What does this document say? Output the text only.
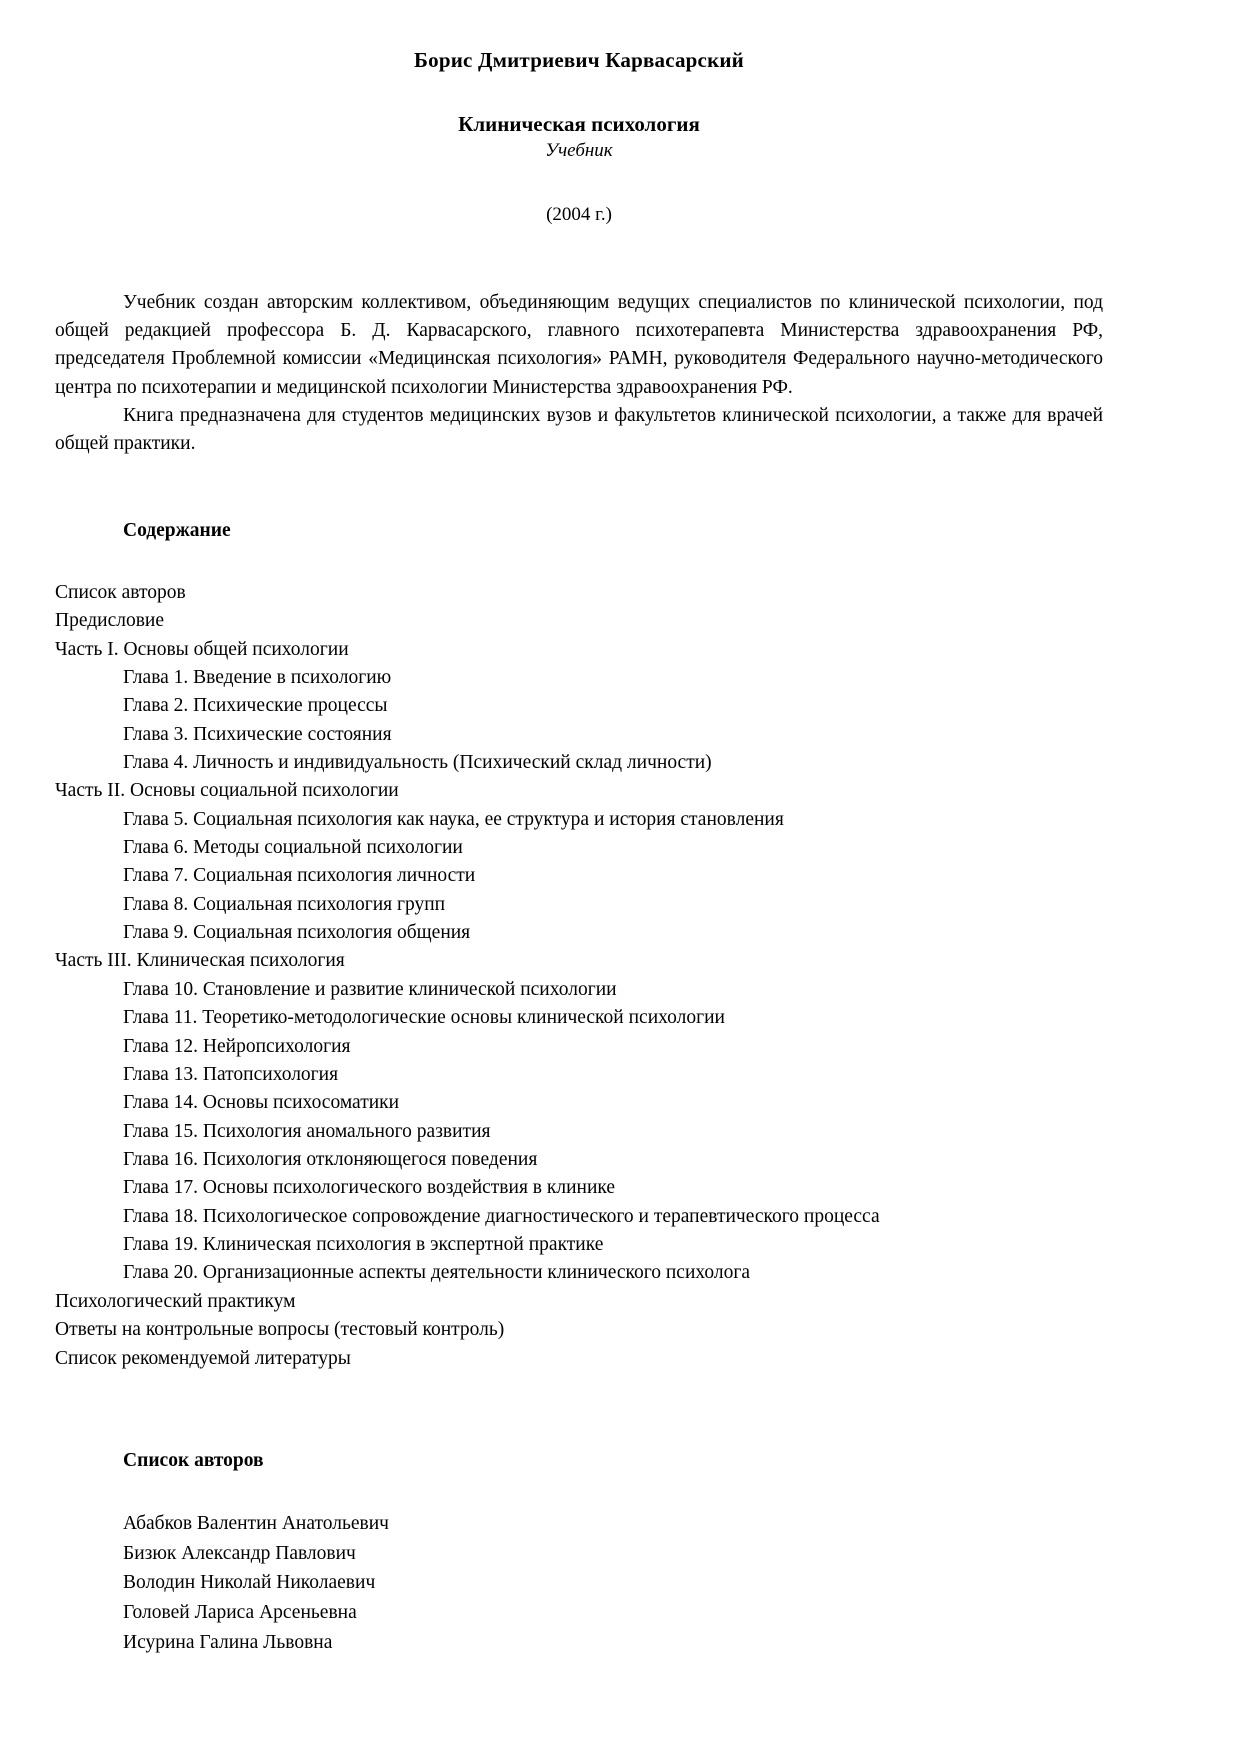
Борис Дмитриевич Карвасарский
Клиническая психология
Учебник
(2004 г.)

Учебник создан авторским коллективом, объединяющим ведущих специалистов по клинической психологии, под общей редакцией профессора Б. Д. Карвасарского, главного психотерапевта Министерства здравоохранения РФ, председателя Проблемной комиссии «Медицинская психология» РАМН, руководителя Федерального научно-методического центра по психотерапии и медицинской психологии Министерства здравоохранения РФ.

Книга предназначена для студентов медицинских вузов и факультетов клинической психологии, а также для врачей общей практики.

Содержание
Список авторов
Предисловие
Часть I. Основы общей психологии
Глава 1. Введение в психологию
Глава 2. Психические процессы
Глава 3. Психические состояния
Глава 4. Личность и индивидуальность (Психический склад личности)
Часть II. Основы социальной психологии
Глава 5. Социальная психология как наука, ее структура и история становления
Глава 6. Методы социальной психологии
Глава 7. Социальная психология личности
Глава 8. Социальная психология групп
Глава 9. Социальная психология общения
Часть III. Клиническая психология
Глава 10. Становление и развитие клинической психологии
Глава 11. Теоретико-методологические основы клинической психологии
Глава 12. Нейропсихология
Глава 13. Патопсихология
Глава 14. Основы психосоматики
Глава 15. Психология аномального развития
Глава 16. Психология отклоняющегося поведения
Глава 17. Основы психологического воздействия в клинике
Глава 18. Психологическое сопровождение диагностического и терапевтического процесса
Глава 19. Клиническая психология в экспертной практике
Глава 20. Организационные аспекты деятельности клинического психолога
Психологический практикум
Ответы на контрольные вопросы (тестовый контроль)
Список рекомендуемой литературы
Список авторов
Абабков Валентин Анатольевич
Бизюк Александр Павлович
Володин Николай Николаевич
Головей Лариса Арсеньевна
Исурина Галина Львовна
